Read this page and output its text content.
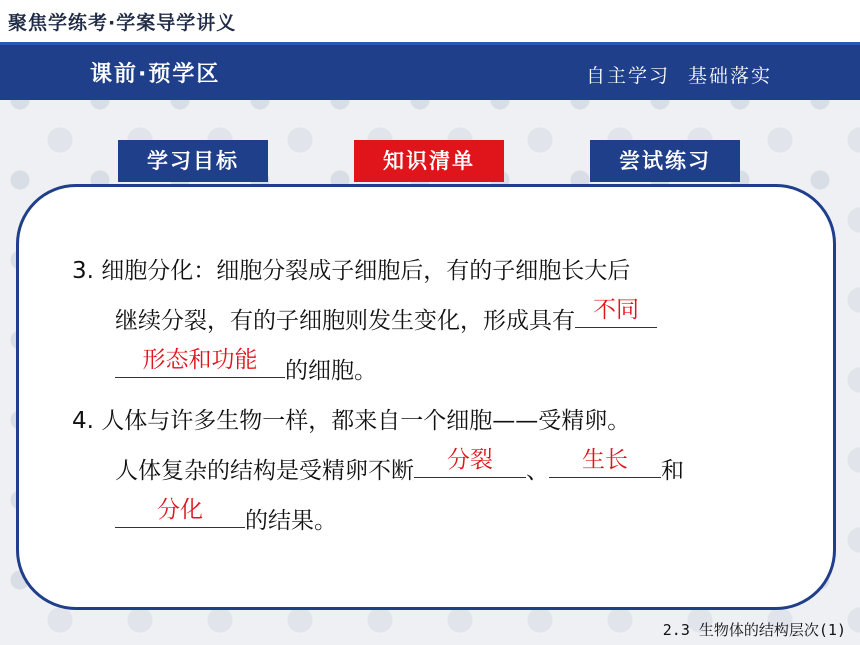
聚焦学练考·学案导学讲义
课前·预学区	自主学习 基础落实
学习目标	知识清单	尝试练习
3. 细胞分化：细胞分裂成子细胞后，有的子细胞长大后
继续分裂，有的子细胞则发生变化，形成具有 不同
形态和功能	的细胞。
4. 人体与许多生物一样，都来自一个细胞——受精卵。
人体复杂的结构是受精卵不断	分裂	、	生长	和
分化	的结果。
2.3 生物体的结构层次(1)
